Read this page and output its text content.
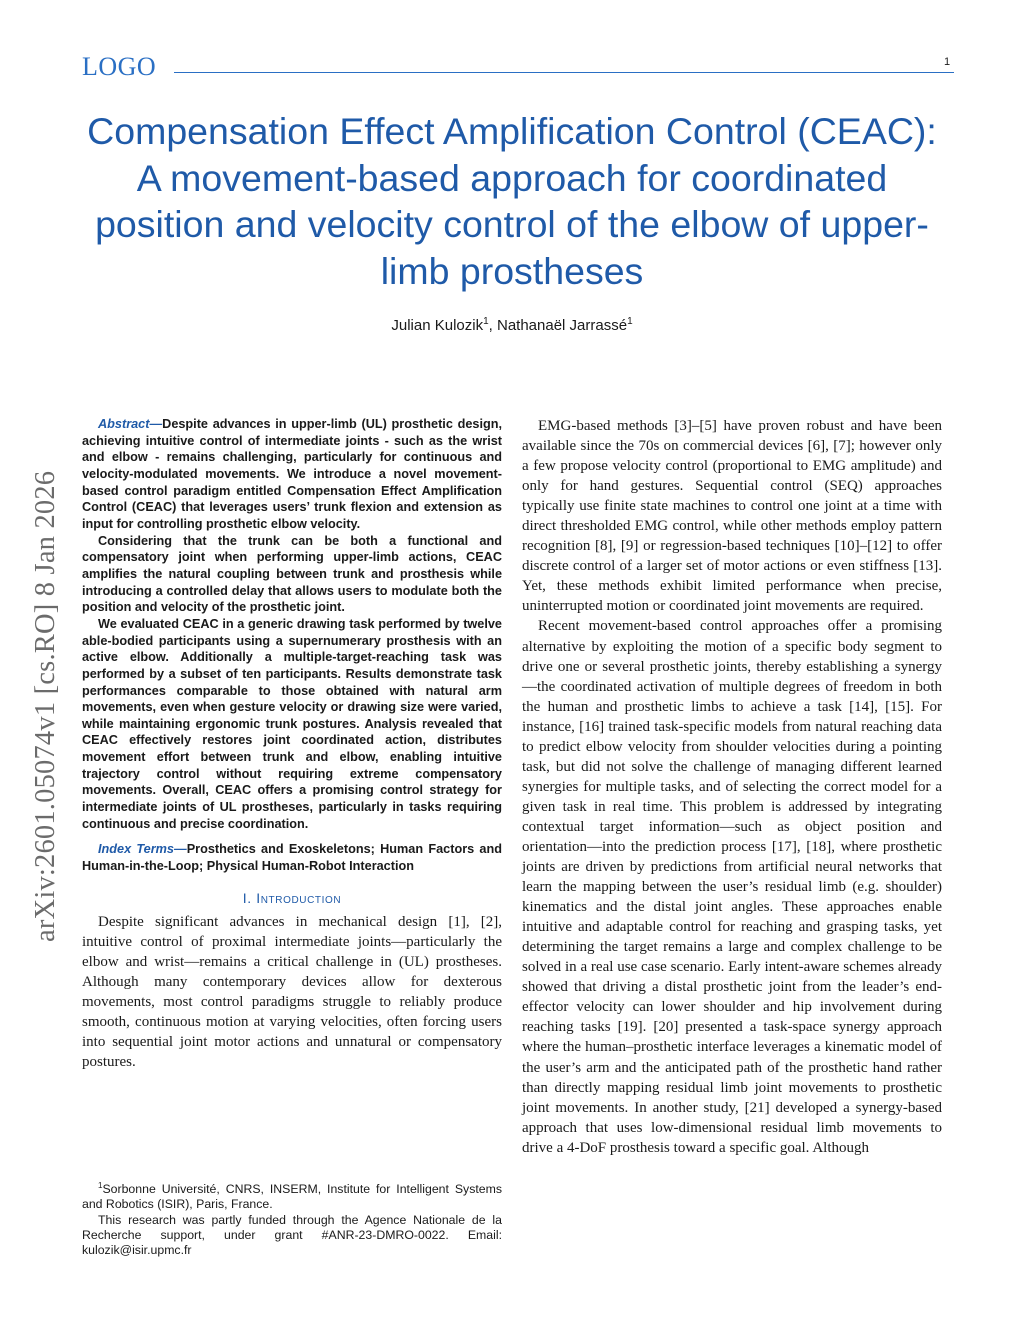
LOGO	1
arXiv:2601.05074v1 [cs.RO] 8 Jan 2026
Compensation Effect Amplification Control (CEAC): A movement-based approach for coordinated position and velocity control of the elbow of upper-limb prostheses
Julian Kulozik$^1$, Nathanaël Jarrassé$^1$

Abstract—Despite advances in upper-limb (UL) prosthetic design, achieving intuitive control of intermediate joints - such as the wrist and elbow - remains challenging, particularly for continuous and velocity-modulated movements. We introduce a novel movement-based control paradigm entitled Compensation Effect Amplification Control (CEAC) that leverages users’ trunk flexion and extension as input for controlling prosthetic elbow velocity.

Considering that the trunk can be both a functional and compensatory joint when performing upper-limb actions, CEAC amplifies the natural coupling between trunk and prosthesis while introducing a controlled delay that allows users to modulate both the position and velocity of the prosthetic joint.

We evaluated CEAC in a generic drawing task performed by twelve able-bodied participants using a supernumerary prosthesis with an active elbow. Additionally a multiple-target-reaching task was performed by a subset of ten participants. Results demonstrate task performances comparable to those obtained with natural arm movements, even when gesture velocity or drawing size were varied, while maintaining ergonomic trunk postures. Analysis revealed that CEAC effectively restores joint coordinated action, distributes movement effort between trunk and elbow, enabling intuitive trajectory control without requiring extreme compensatory movements. Overall, CEAC offers a promising control strategy for intermediate joints of UL prostheses, particularly in tasks requiring continuous and precise coordination.

Index Terms—Prosthetics and Exoskeletons; Human Factors and Human-in-the-Loop; Physical Human-Robot Interaction
I. Introduction
Despite significant advances in mechanical design [1], [2], intuitive control of proximal intermediate joints—particularly the elbow and wrist—remains a critical challenge in (UL) prostheses. Although many contemporary devices allow for dexterous movements, most control paradigms struggle to reliably produce smooth, continuous motion at varying velocities, often forcing users into sequential joint motor actions and unnatural or compensatory postures.

$^1$Sorbonne Université, CNRS, INSERM, Institute for Intelligent Systems and Robotics (ISIR), Paris, France.

This research was partly funded through the Agence Nationale de la Recherche support, under grant #ANR-23-DMRO-0022. Email: kulozik@isir.upmc.fr

EMG-based methods [3]–[5] have proven robust and have been available since the 70s on commercial devices [6], [7]; however only a few propose velocity control (proportional to EMG amplitude) and only for hand gestures. Sequential control (SEQ) approaches typically use finite state machines to control one joint at a time with direct thresholded EMG control, while other methods employ pattern recognition [8], [9] or regression-based techniques [10]–[12] to offer discrete control of a larger set of motor actions or even stiffness [13]. Yet, these methods exhibit limited performance when precise, uninterrupted motion or coordinated joint movements are required.

Recent movement-based control approaches offer a promising alternative by exploiting the motion of a specific body segment to drive one or several prosthetic joints, thereby establishing a synergy—the coordinated activation of multiple degrees of freedom in both the human and prosthetic limbs to achieve a task [14], [15]. For instance, [16] trained task-specific models from natural reaching data to predict elbow velocity from shoulder velocities during a pointing task, but did not solve the challenge of managing different learned synergies for multiple tasks, and of selecting the correct model for a given task in real time. This problem is addressed by integrating contextual target information—such as object position and orientation—into the prediction process [17], [18], where prosthetic joints are driven by predictions from artificial neural networks that learn the mapping between the user’s residual limb (e.g. shoulder) kinematics and the distal joint angles. These approaches enable intuitive and adaptable control for reaching and grasping tasks, yet determining the target remains a large and complex challenge to be solved in a real use case scenario. Early intent-aware schemes already showed that driving a distal prosthetic joint from the leader’s end-effector velocity can lower shoulder and hip involvement during reaching tasks [19]. [20] presented a task-space synergy approach where the human–prosthetic interface leverages a kinematic model of the user’s arm and the anticipated path of the prosthetic hand rather than directly mapping residual limb joint movements to prosthetic joint movements. In another study, [21] developed a synergy-based approach that uses low-dimensional residual limb movements to drive a 4-DoF prosthesis toward a specific goal. Although
